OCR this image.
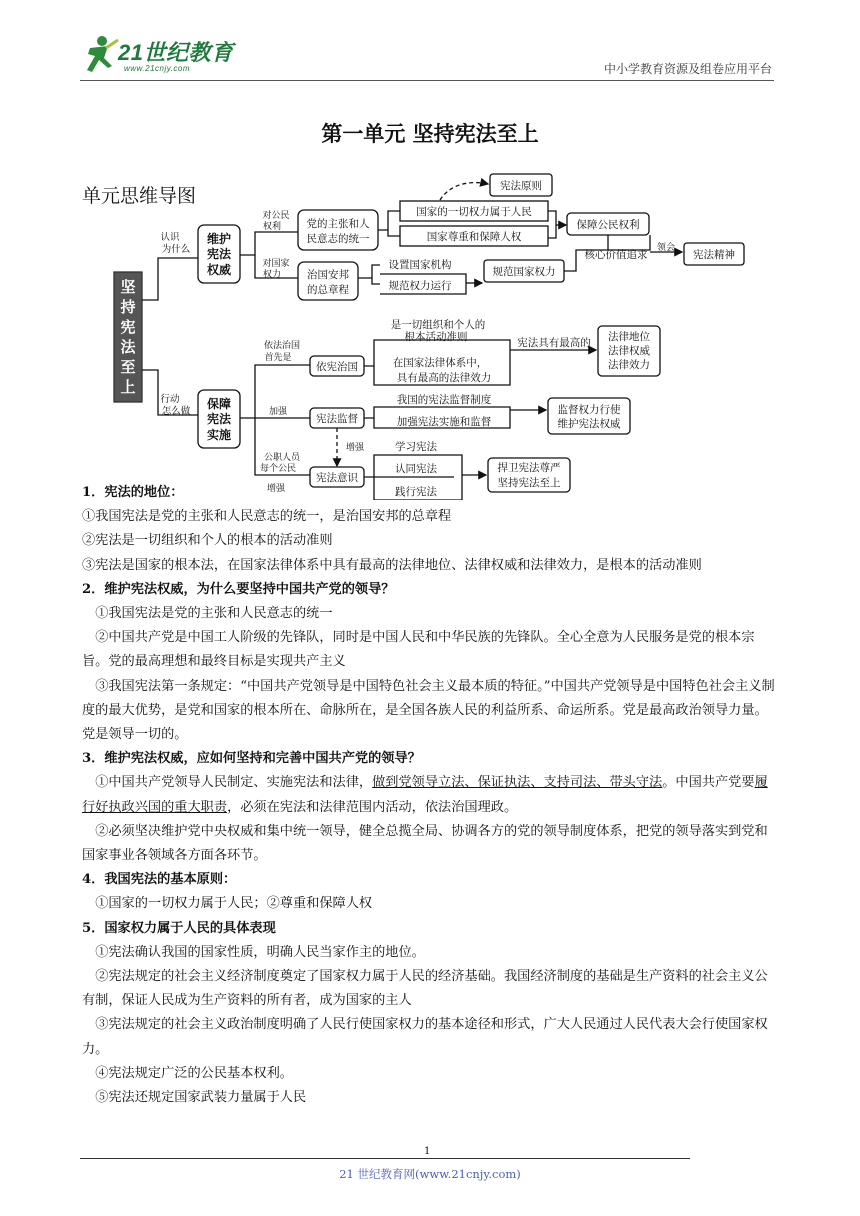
21世纪教育
www.21cnjy.com	中小学教育资源及组卷应用平台
第一单元 坚持宪法至上
单元思维导图
坚
持
宪
法
至
上
认识
为什么
行动
怎么做
维护
宪法
权威
保障
宪法
实施
对公民
权利
对国家
权力
依法治国
首先是
加强
公职人员
每个公民
增强
增强
领会
党的主张和人
民意志的统一
治国安邦
的总章程
国家的一切权力属于人民
国家尊重和保障人权
设置国家机构
规范权力运行
宪法原则
保障公民权利
规范国家权力
核心价值追求	宪法精神
依宪治国
宪法监督
宪法意识
是一切组织和个人的
根本活动准则
在国家法律体系中，
具有最高的法律效力
宪法具有最高的 法律地位
法律权威
法律效力
我国的宪法监督制度
加强宪法实施和监督
监督权力行使
维护宪法权威
学习宪法
认同宪法
践行宪法
捍卫宪法尊严
坚持宪法至上

1．宪法的地位：

①我国宪法是党的主张和人民意志的统一，是治国安邦的总章程

②宪法是一切组织和个人的根本的活动准则

③宪法是国家的根本法，在国家法律体系中具有最高的法律地位、法律权威和法律效力，是根本的活动准则

2．维护宪法权威，为什么要坚持中国共产党的领导？

①我国宪法是党的主张和人民意志的统一

②中国共产党是中国工人阶级的先锋队，同时是中国人民和中华民族的先锋队。全心全意为人民服务是党的根本宗旨。党的最高理想和最终目标是实现共产主义

③我国宪法第一条规定：“中国共产党领导是中国特色社会主义最本质的特征。”中国共产党领导是中国特色社会主义制度的最大优势，是党和国家的根本所在、命脉所在，是全国各族人民的利益所系、命运所系。党是最高政治领导力量。党是领导一切的。

3．维护宪法权威，应如何坚持和完善中国共产党的领导？

①中国共产党领导人民制定、实施宪法和法律，做到党领导立法、保证执法、支持司法、带头守法。中国共产党要履行好执政兴国的重大职责，必须在宪法和法律范围内活动，依法治国理政。

②必须坚决维护党中央权威和集中统一领导，健全总揽全局、协调各方的党的领导制度体系，把党的领导落实到党和国家事业各领域各方面各环节。

4．我国宪法的基本原则：

①国家的一切权力属于人民；②尊重和保障人权

5．国家权力属于人民的具体表现

①宪法确认我国的国家性质，明确人民当家作主的地位。

②宪法规定的社会主义经济制度奠定了国家权力属于人民的经济基础。我国经济制度的基础是生产资料的社会主义公有制，保证人民成为生产资料的所有者，成为国家的主人

③宪法规定的社会主义政治制度明确了人民行使国家权力的基本途径和形式，广大人民通过人民代表大会行使国家权力。

④宪法规定广泛的公民基本权利。

⑤宪法还规定国家武装力量属于人民

1
21 世纪教育网(www.21cnjy.com)
